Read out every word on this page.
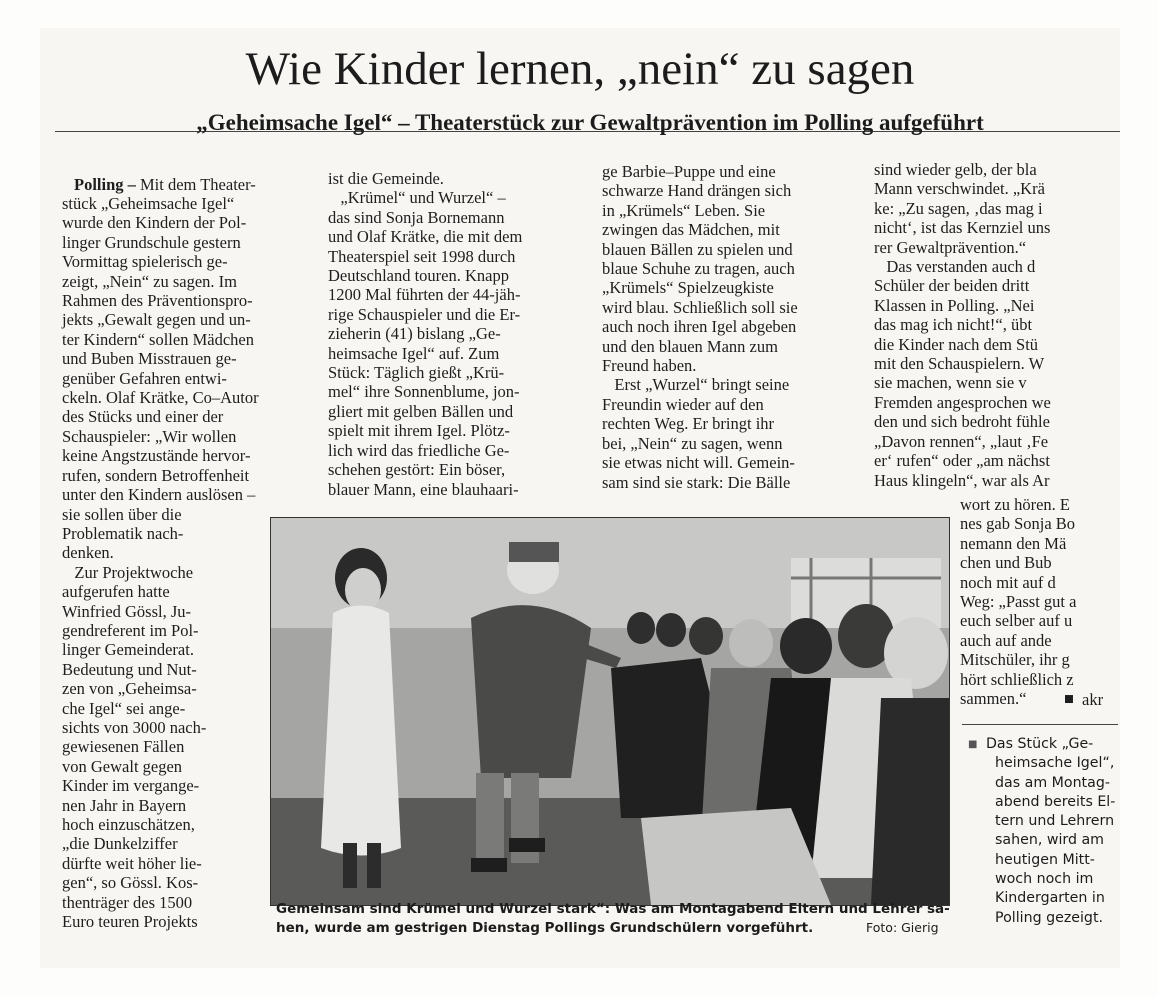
Wie Kinder lernen, „nein“ zu sagen
„Geheimsache Igel“ – Theaterstück zur Gewaltprävention im Polling aufgeführt

Polling – Mit dem Theater-

stück „Geheimsache Igel“
wurde den Kindern der Pol-
linger Grundschule gestern
Vormittag spielerisch ge-
zeigt, „Nein“ zu sagen. Im
Rahmen des Präventionspro-
jekts „Gewalt gegen und un-
ter Kindern“ sollen Mädchen
und Buben Misstrauen ge-
genüber Gefahren entwi-
ckeln. Olaf Krätke, Co–Autor
des Stücks und einer der
Schauspieler: „Wir wollen
keine Angstzustände hervor-
rufen, sondern Betroffenheit
unter den Kindern auslösen –
sie sollen über die
Problematik nach-
denken.
Zur Projektwoche
aufgerufen hatte
Winfried Gössl, Ju-
gendreferent im Pol-
linger Gemeinderat.
Bedeutung und Nut-
zen von „Geheimsa-
che Igel“ sei ange-
sichts von 3000 nach-
gewiesenen Fällen
von Gewalt gegen
Kinder im vergange-
nen Jahr in Bayern
hoch einzuschätzen,
„die Dunkelziffer
dürfte weit höher lie-
gen“, so Gössl. Kos-
thenträger des 1500
Euro teuren Projekts

ist die Gemeinde.
„Krümel“ und Wurzel“ –
das sind Sonja Bornemann
und Olaf Krätke, die mit dem
Theaterspiel seit 1998 durch
Deutschland touren. Knapp
1200 Mal führten der 44-jäh-
rige Schauspieler und die Er-
zieherin (41) bislang „Ge-
heimsache Igel“ auf. Zum
Stück: Täglich gießt „Krü-
mel“ ihre Sonnenblume, jon-
gliert mit gelben Bällen und
spielt mit ihrem Igel. Plötz-
lich wird das friedliche Ge-
schehen gestört: Ein böser,
blauer Mann, eine blauhaari-

ge Barbie–Puppe und eine
schwarze Hand drängen sich
in „Krümels“ Leben. Sie
zwingen das Mädchen, mit
blauen Bällen zu spielen und
blaue Schuhe zu tragen, auch
„Krümels“ Spielzeugkiste
wird blau. Schließlich soll sie
auch noch ihren Igel abgeben
und den blauen Mann zum
Freund haben.
Erst „Wurzel“ bringt seine
Freundin wieder auf den
rechten Weg. Er bringt ihr
bei, „Nein“ zu sagen, wenn
sie etwas nicht will. Gemein-
sam sind sie stark: Die Bälle

sind wieder gelb, der bla
Mann verschwindet. „Krä
ke: „Zu sagen, ‚das mag i
nicht‘, ist das Kernziel uns
rer Gewaltprävention.“
Das verstanden auch d
Schüler der beiden dritt
Klassen in Polling. „Nei
das mag ich nicht!“, übt
die Kinder nach dem Stü
mit den Schauspielern. W
sie machen, wenn sie v
Fremden angesprochen we
den und sich bedroht fühle
„Davon rennen“, „laut ‚Fe
er‘ rufen“ oder „am nächst
Haus klingeln“, war als Ar

wort zu hören. E
nes gab Sonja Bo
nemann den Mä
chen und Bub
noch mit auf d
Weg: „Passt gut a
euch selber auf u
auch auf ande
Mitschüler, ihr g
hört schließlich z
sammen.“	■ akr

Gemeinsam sind Krümel und Wurzel stark“: Was am Montagabend Eltern und Lehrer sa-
hen, wurde am gestrigen Dienstag Pollings Grundschülern vorgeführt.	Foto: Gierig
■ Das Stück „Ge-
heimsache Igel“,
das am Montag-
abend bereits El-
tern und Lehrern
sahen, wird am
heutigen Mitt-
woch noch im
Kindergarten in
Polling gezeigt.
